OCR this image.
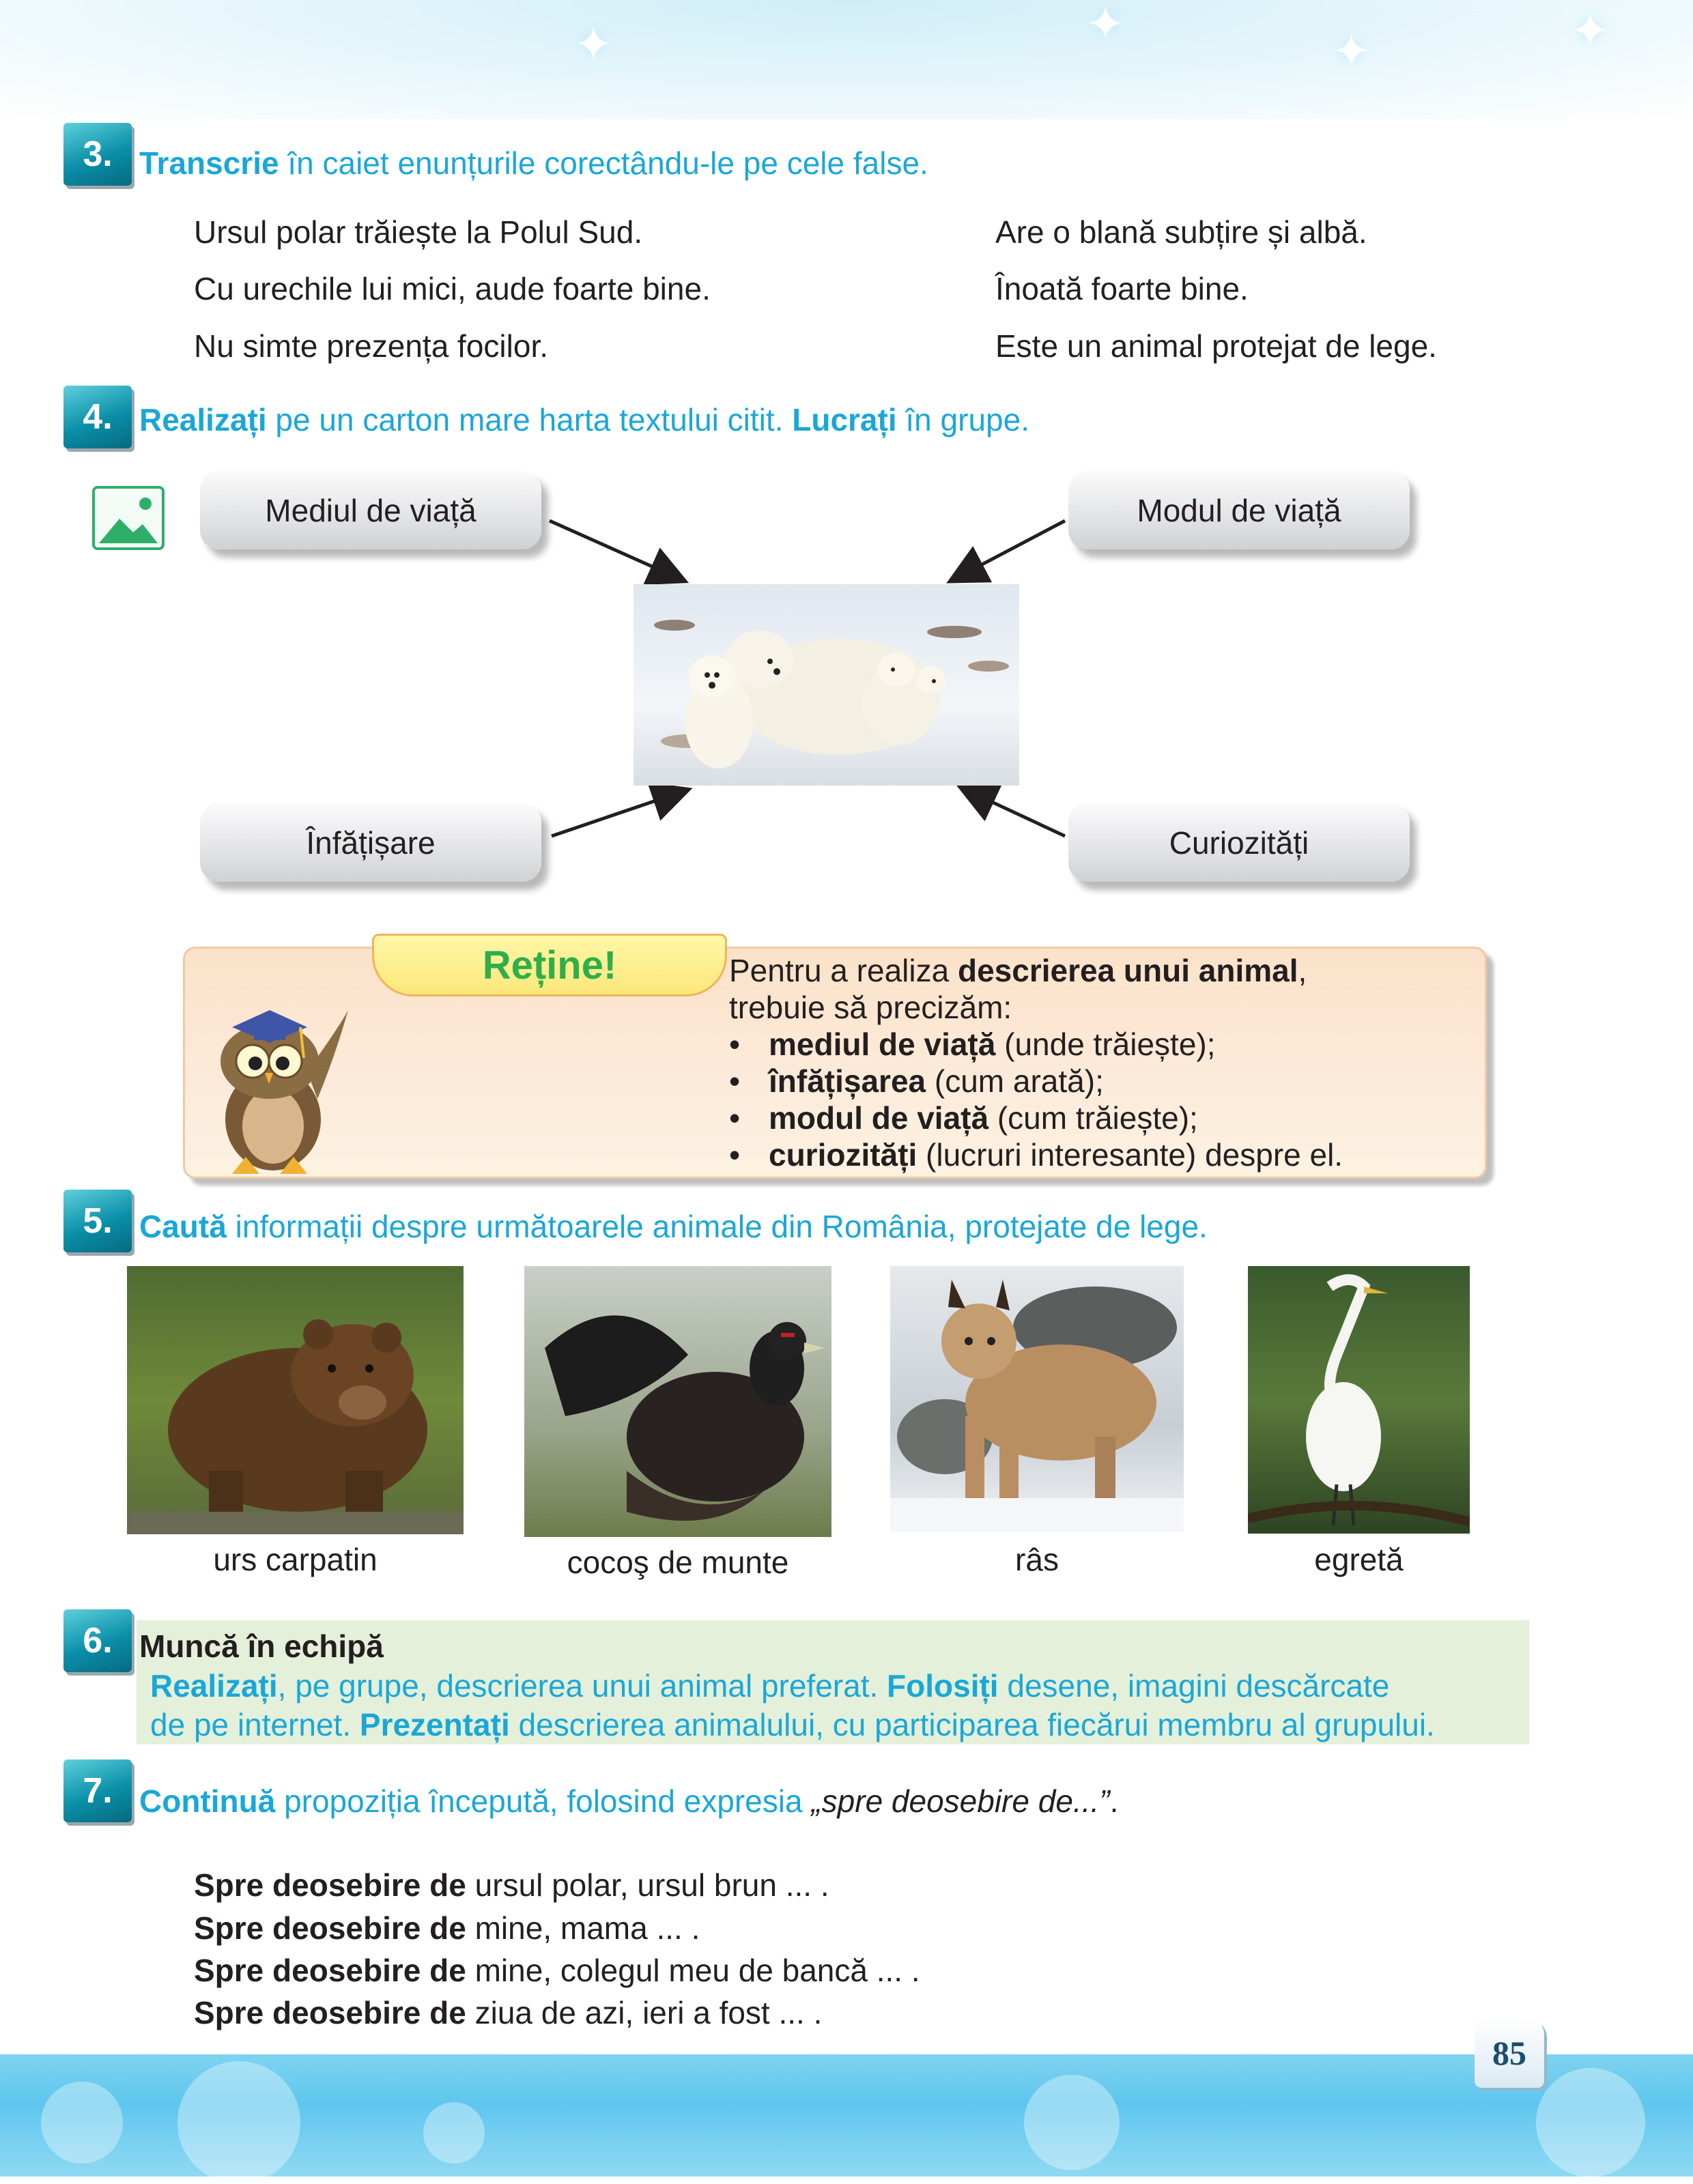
✦	✦	✦
✦
3. Transcrie în caiet enunțurile corectându-le pe cele false.
Ursul polar trăiește la Polul Sud.
Cu urechile lui mici, aude foarte bine.
Nu simte prezența focilor.
Are o blană subțire și albă.
Înoată foarte bine.
Este un animal protejat de lege.
4. Realizați pe un carton mare harta textului citit. Lucrați în grupe.
Mediul de viață	Modul de viață
Înfățișare	Curiozități
Reține!	Pentru a realiza descrierea unui animal,
trebuie să precizăm:
• mediul de viață (unde trăiește);
• înfățișarea (cum arată);
• modul de viață (cum trăiește);
• curiozități (lucruri interesante) despre el.
5. Caută informații despre următoarele animale din România, protejate de lege.
urs carpatin	cocoş de munte	râs	egretă
6. Muncă în echipă
Realizați, pe grupe, descrierea unui animal preferat. Folosiți desene, imagini descărcate
de pe internet. Prezentați descrierea animalului, cu participarea fiecărui membru al grupului.
7. Continuă propoziția începută, folosind expresia „spre deosebire de...”.
Spre deosebire de ursul polar, ursul brun ... .
Spre deosebire de mine, mama ... .
Spre deosebire de mine, colegul meu de bancă ... .
Spre deosebire de ziua de azi, ieri a fost ... .
85
